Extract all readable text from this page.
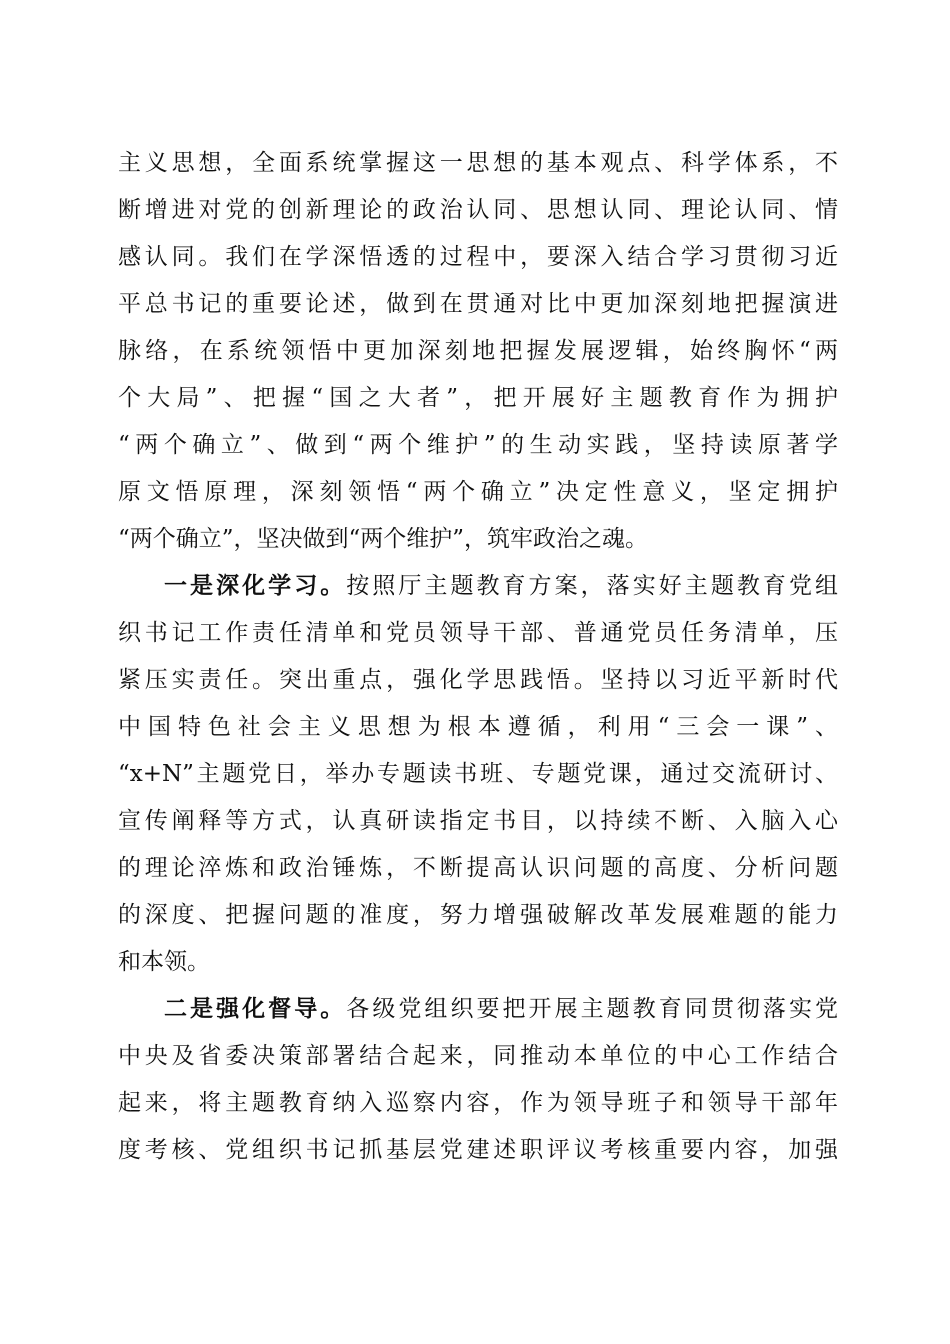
主义思想，全面系统掌握这一思想的基本观点、科学体系，不
断增进对党的创新理论的政治认同、思想认同、理论认同、情
感认同。我们在学深悟透的过程中，要深入结合学习贯彻习近
平总书记的重要论述，做到在贯通对比中更加深刻地把握演进
脉络，在系统领悟中更加深刻地把握发展逻辑，始终胸怀“两
个大局”、把握“国之大者”，把开展好主题教育作为拥护
“两个确立”、做到“两个维护”的生动实践，坚持读原著学
原文悟原理，深刻领悟“两个确立”决定性意义，坚定拥护
“两个确立”，坚决做到“两个维护”，筑牢政治之魂。
一是深化学习。按照厅主题教育方案，落实好主题教育党组
织书记工作责任清单和党员领导干部、普通党员任务清单，压
紧压实责任。突出重点，强化学思践悟。坚持以习近平新时代
中国特色社会主义思想为根本遵循，利用“三会一课”、
“x+N”主题党日，举办专题读书班、专题党课，通过交流研讨、
宣传阐释等方式，认真研读指定书目，以持续不断、入脑入心
的理论淬炼和政治锤炼，不断提高认识问题的高度、分析问题
的深度、把握问题的准度，努力增强破解改革发展难题的能力
和本领。
二是强化督导。各级党组织要把开展主题教育同贯彻落实党
中央及省委决策部署结合起来，同推动本单位的中心工作结合
起来，将主题教育纳入巡察内容，作为领导班子和领导干部年
度考核、党组织书记抓基层党建述职评议考核重要内容，加强
